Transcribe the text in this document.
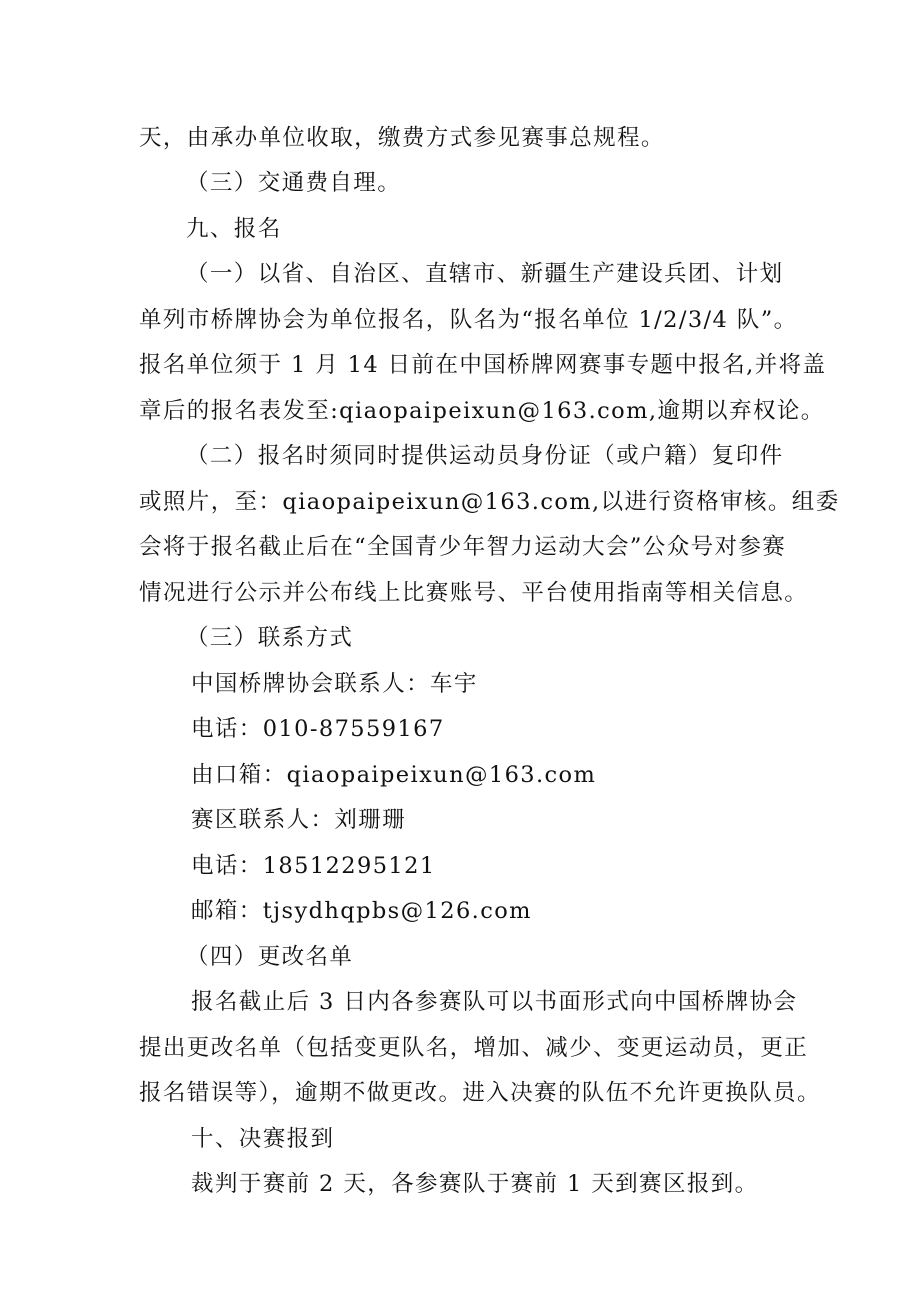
天，由承办单位收取，缴费方式参见赛事总规程。
（三）交通费自理。
九、报名
（一）以省、自治区、直辖市、新疆生产建设兵团、计划
单列市桥牌协会为单位报名，队名为“报名单位 1/2/3/4 队”。
报名单位须于 1 月 14 日前在中国桥牌网赛事专题中报名,并将盖
章后的报名表发至:qiaopaipeixun@163.com,逾期以弃权论。
（二）报名时须同时提供运动员身份证（或户籍）复印件
或照片，至：qiaopaipeixun@163.com,以进行资格审核。组委
会将于报名截止后在“全国青少年智力运动大会”公众号对参赛
情况进行公示并公布线上比赛账号、平台使用指南等相关信息。
（三）联系方式
中国桥牌协会联系人：车宇
电话：010-87559167
由口箱：qiaopaipeixun@163.com
赛区联系人：刘珊珊
电话：18512295121
邮箱：tjsydhqpbs@126.com
（四）更改名单
报名截止后 3 日内各参赛队可以书面形式向中国桥牌协会
提出更改名单（包括变更队名，增加、减少、变更运动员，更正
报名错误等），逾期不做更改。进入决赛的队伍不允许更换队员。
十、决赛报到
裁判于赛前 2 天，各参赛队于赛前 1 天到赛区报到。
